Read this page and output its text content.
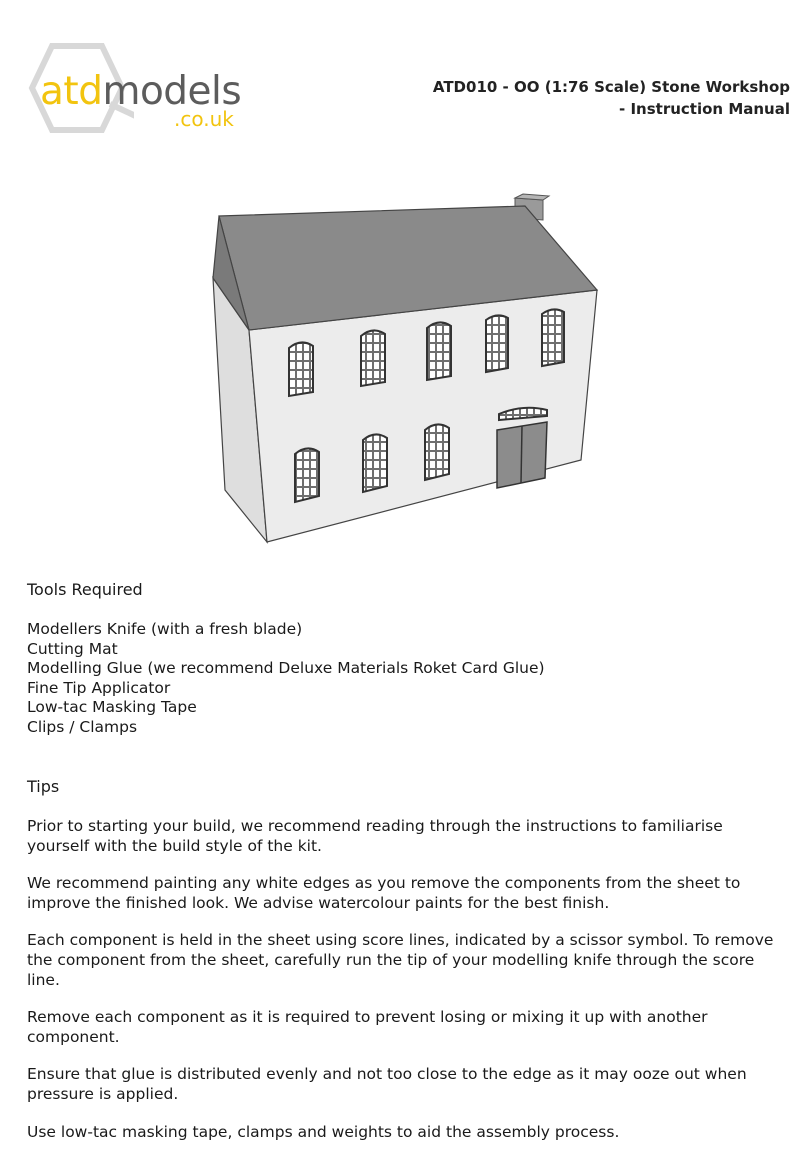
atdmodels
.co.uk
ATD010 - OO (1:76 Scale) Stone Workshop
- Instruction Manual
Tools Required
Modellers Knife (with a fresh blade)
Cutting Mat
Modelling Glue (we recommend Deluxe Materials Roket Card Glue)
Fine Tip Applicator
Low-tac Masking Tape
Clips / Clamps
Tips

Prior to starting your build, we recommend reading through the instructions to familiarise yourself with the build style of the kit.

We recommend painting any white edges as you remove the components from the sheet to improve the finished look. We advise watercolour paints for the best finish.

Each component is held in the sheet using score lines, indicated by a scissor symbol. To remove the component from the sheet, carefully run the tip of your modelling knife through the score line.

Remove each component as it is required to prevent losing or mixing it up with another component.

Ensure that glue is distributed evenly and not too close to the edge as it may ooze out when pressure is applied.

Use low-tac masking tape, clamps and weights to aid the assembly process.
